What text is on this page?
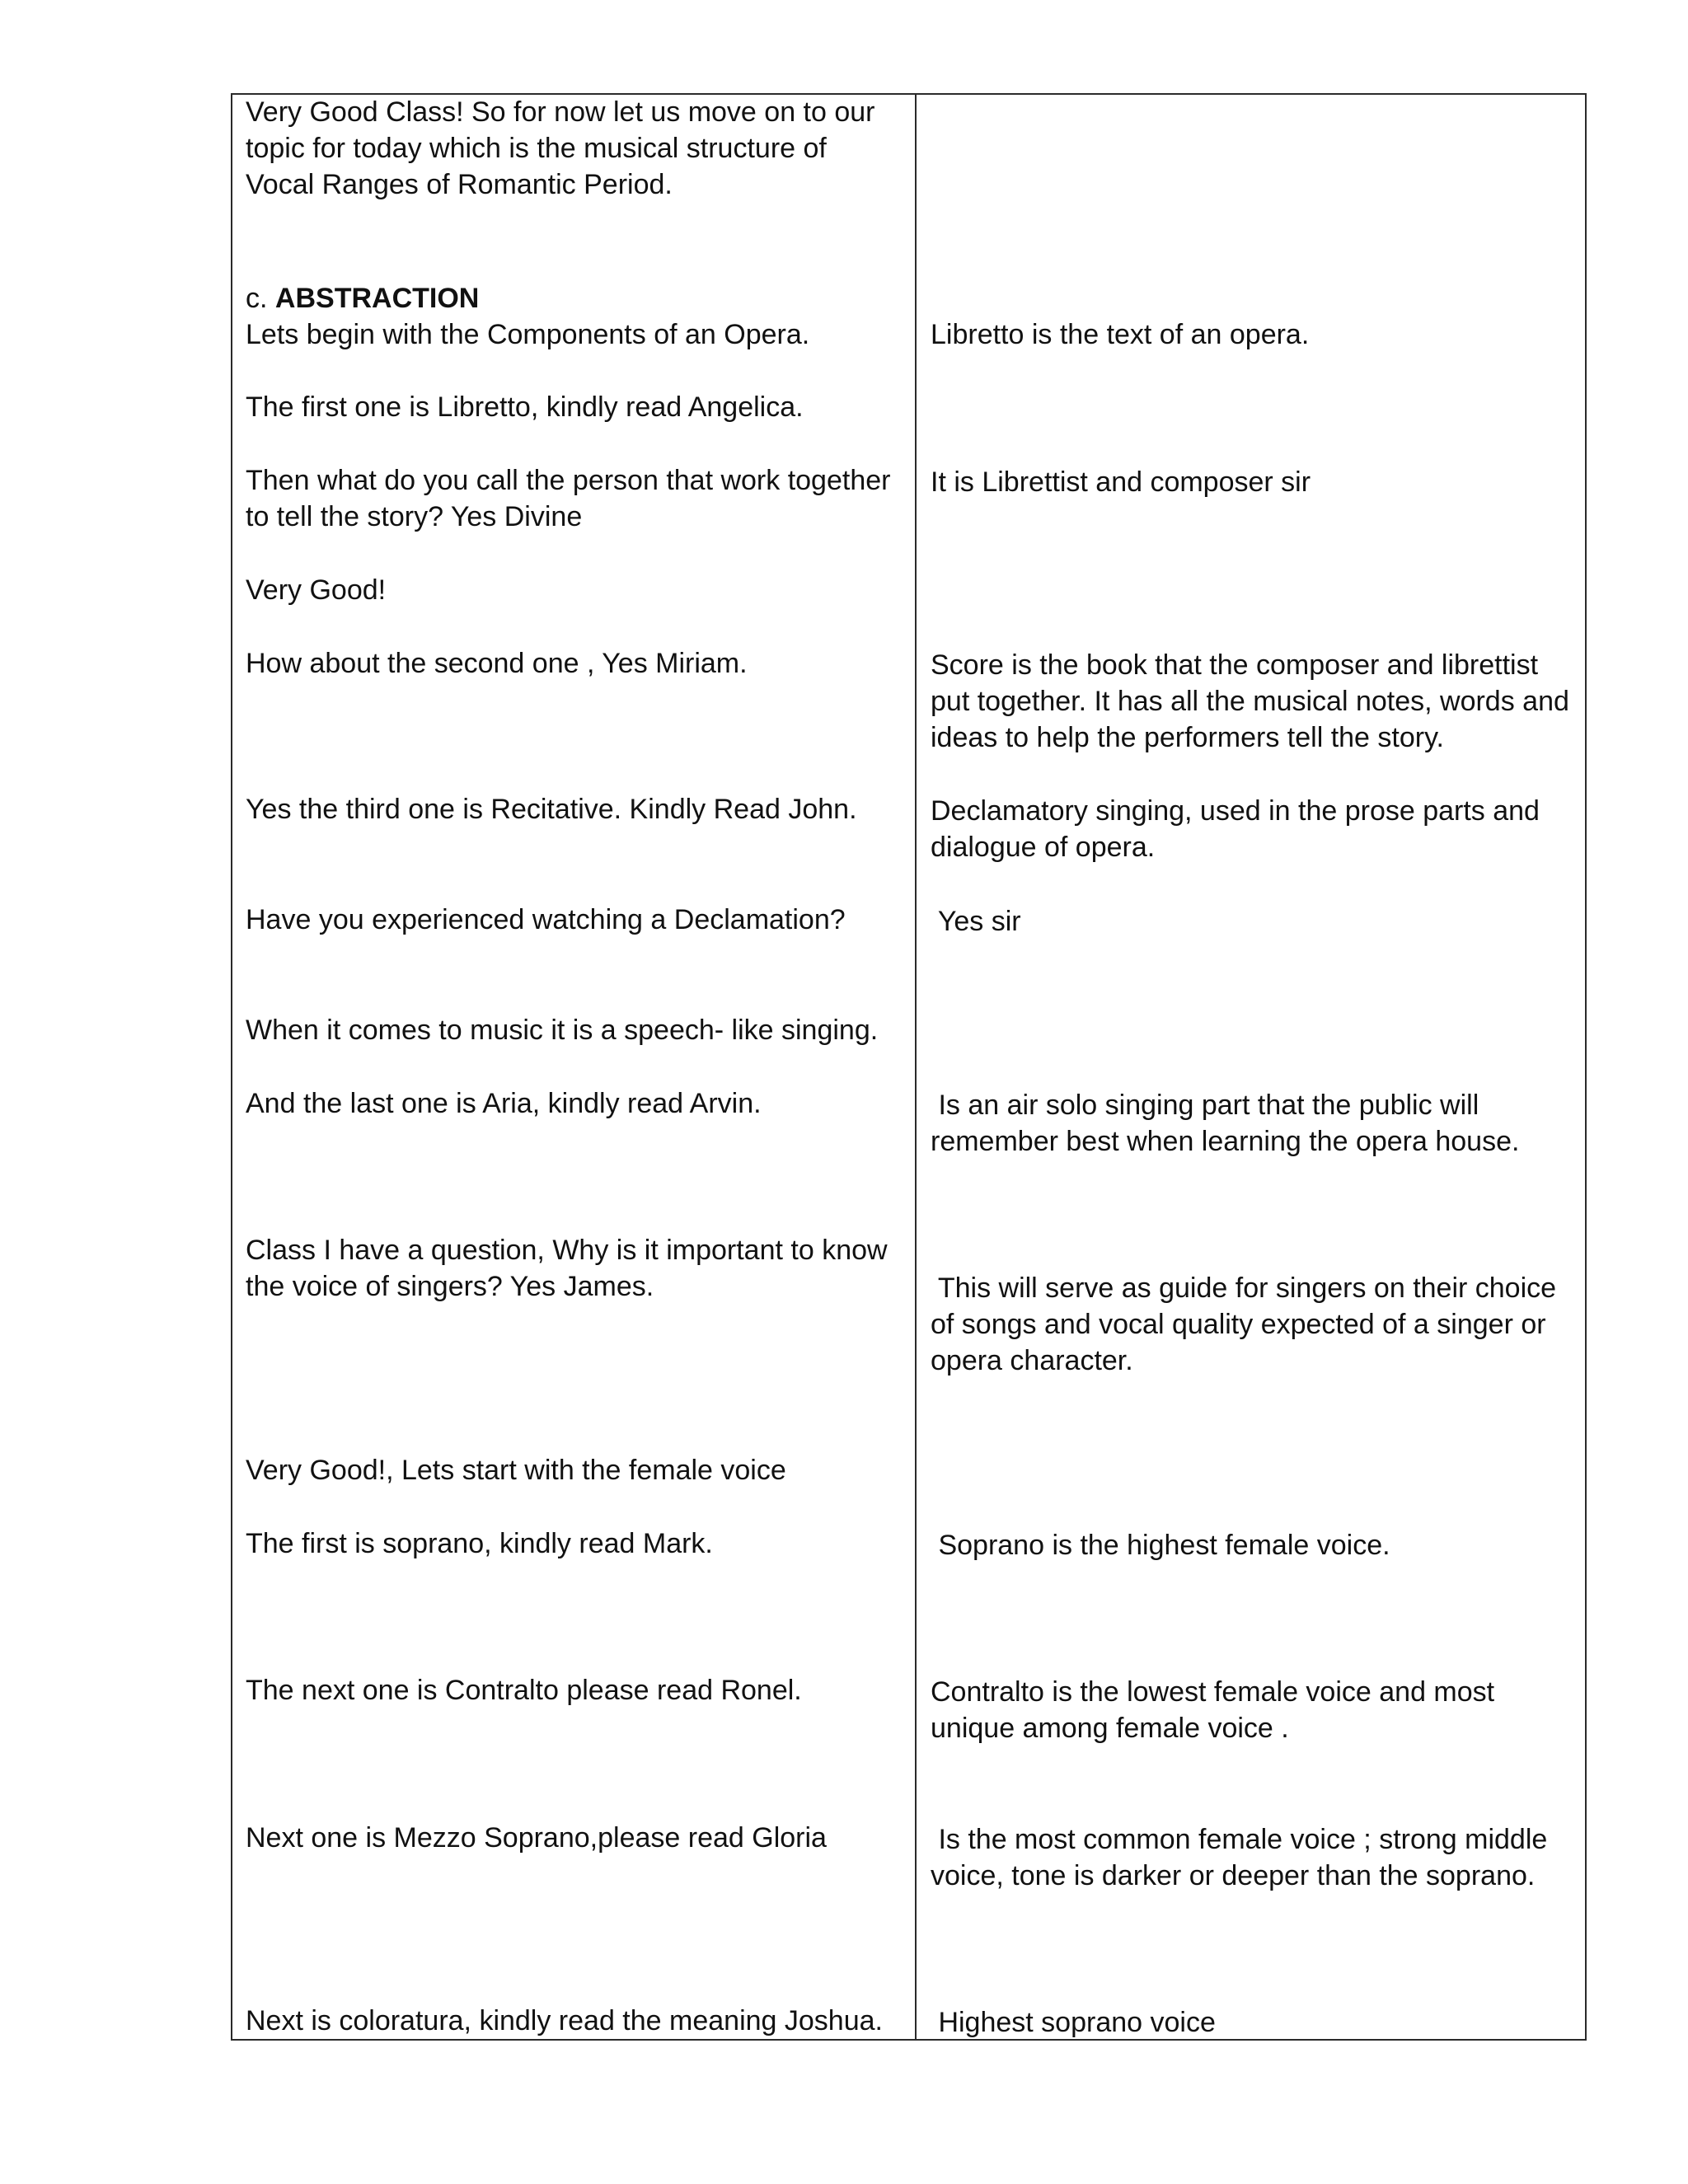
Very Good Class! So for now let us move on to our
topic for today which is the musical structure of
Vocal Ranges of Romantic Period.
c. ABSTRACTION
Lets begin with the Components of an Opera.
The first one is Libretto, kindly read Angelica.
Then what do you call the person that work together
to tell the story? Yes Divine
Very Good!
How about the second one , Yes Miriam.
Yes the third one is Recitative. Kindly Read John.
Have you experienced watching a Declamation?
When it comes to music it is a speech- like singing.
And the last one is Aria, kindly read Arvin.
Class I have a question, Why is it important to know
the voice of singers? Yes James.
Very Good!, Lets start with the female voice
The first is soprano, kindly read Mark.
The next one is Contralto please read Ronel.
Next one is Mezzo Soprano,please read Gloria
Next is coloratura, kindly read the meaning Joshua.
Libretto is the text of an opera.
It is Librettist and composer sir
Score is the book that the composer and librettist
put together. It has all the musical notes, words and
ideas to help the performers tell the story.
Declamatory singing, used in the prose parts and
dialogue of opera.
Yes sir
Is an air solo singing part that the public will
remember best when learning the opera house.
This will serve as guide for singers on their choice
of songs and vocal quality expected of a singer or
opera character.
Soprano is the highest female voice.
Contralto is the lowest female voice and most
unique among female voice .
Is the most common female voice ; strong middle
voice, tone is darker or deeper than the soprano.
Highest soprano voice
